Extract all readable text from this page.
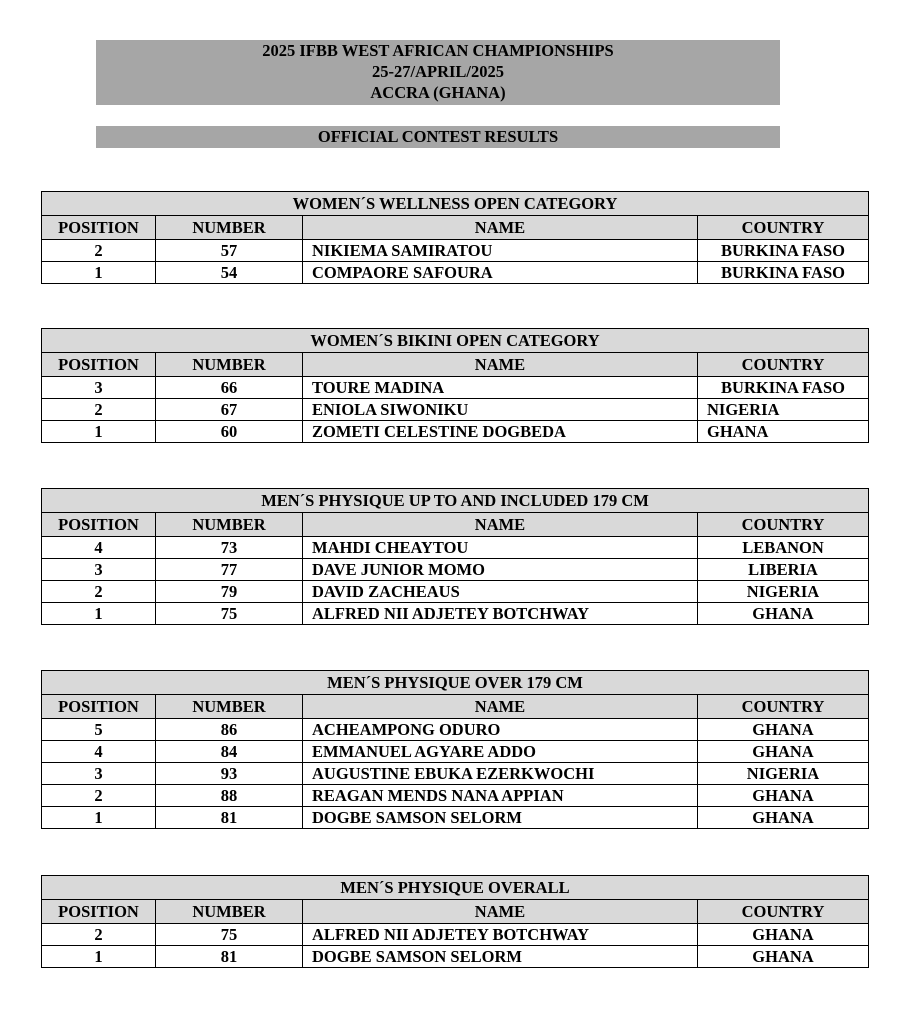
2025 IFBB WEST AFRICAN CHAMPIONSHIPS
25-27/APRIL/2025
ACCRA (GHANA)
OFFICIAL CONTEST RESULTS
WOMEN´S WELLNESS OPEN CATEGORY			
POSITION	NUMBER	NAME	COUNTRY
2	57	NIKIEMA SAMIRATOU	BURKINA FASO
1	54	COMPAORE SAFOURA	BURKINA FASO
WOMEN´S BIKINI OPEN CATEGORY			
POSITION	NUMBER	NAME	COUNTRY
3	66	TOURE MADINA	BURKINA FASO
2	67	ENIOLA SIWONIKU	NIGERIA
1	60	ZOMETI CELESTINE DOGBEDA	GHANA
MEN´S PHYSIQUE UP TO AND INCLUDED 179 CM			
POSITION	NUMBER	NAME	COUNTRY
4	73	MAHDI CHEAYTOU	LEBANON
3	77	DAVE JUNIOR MOMO	LIBERIA
2	79	DAVID ZACHEAUS	NIGERIA
1	75	ALFRED NII ADJETEY BOTCHWAY	GHANA
MEN´S PHYSIQUE OVER 179 CM			
POSITION	NUMBER	NAME	COUNTRY
5	86	ACHEAMPONG ODURO	GHANA
4	84	EMMANUEL AGYARE ADDO	GHANA
3	93	AUGUSTINE EBUKA EZERKWOCHI	NIGERIA
2	88	REAGAN MENDS NANA APPIAN	GHANA
1	81	DOGBE SAMSON SELORM	GHANA
MEN´S PHYSIQUE OVERALL			
POSITION	NUMBER	NAME	COUNTRY
2	75	ALFRED NII ADJETEY BOTCHWAY	GHANA
1	81	DOGBE SAMSON SELORM	GHANA
